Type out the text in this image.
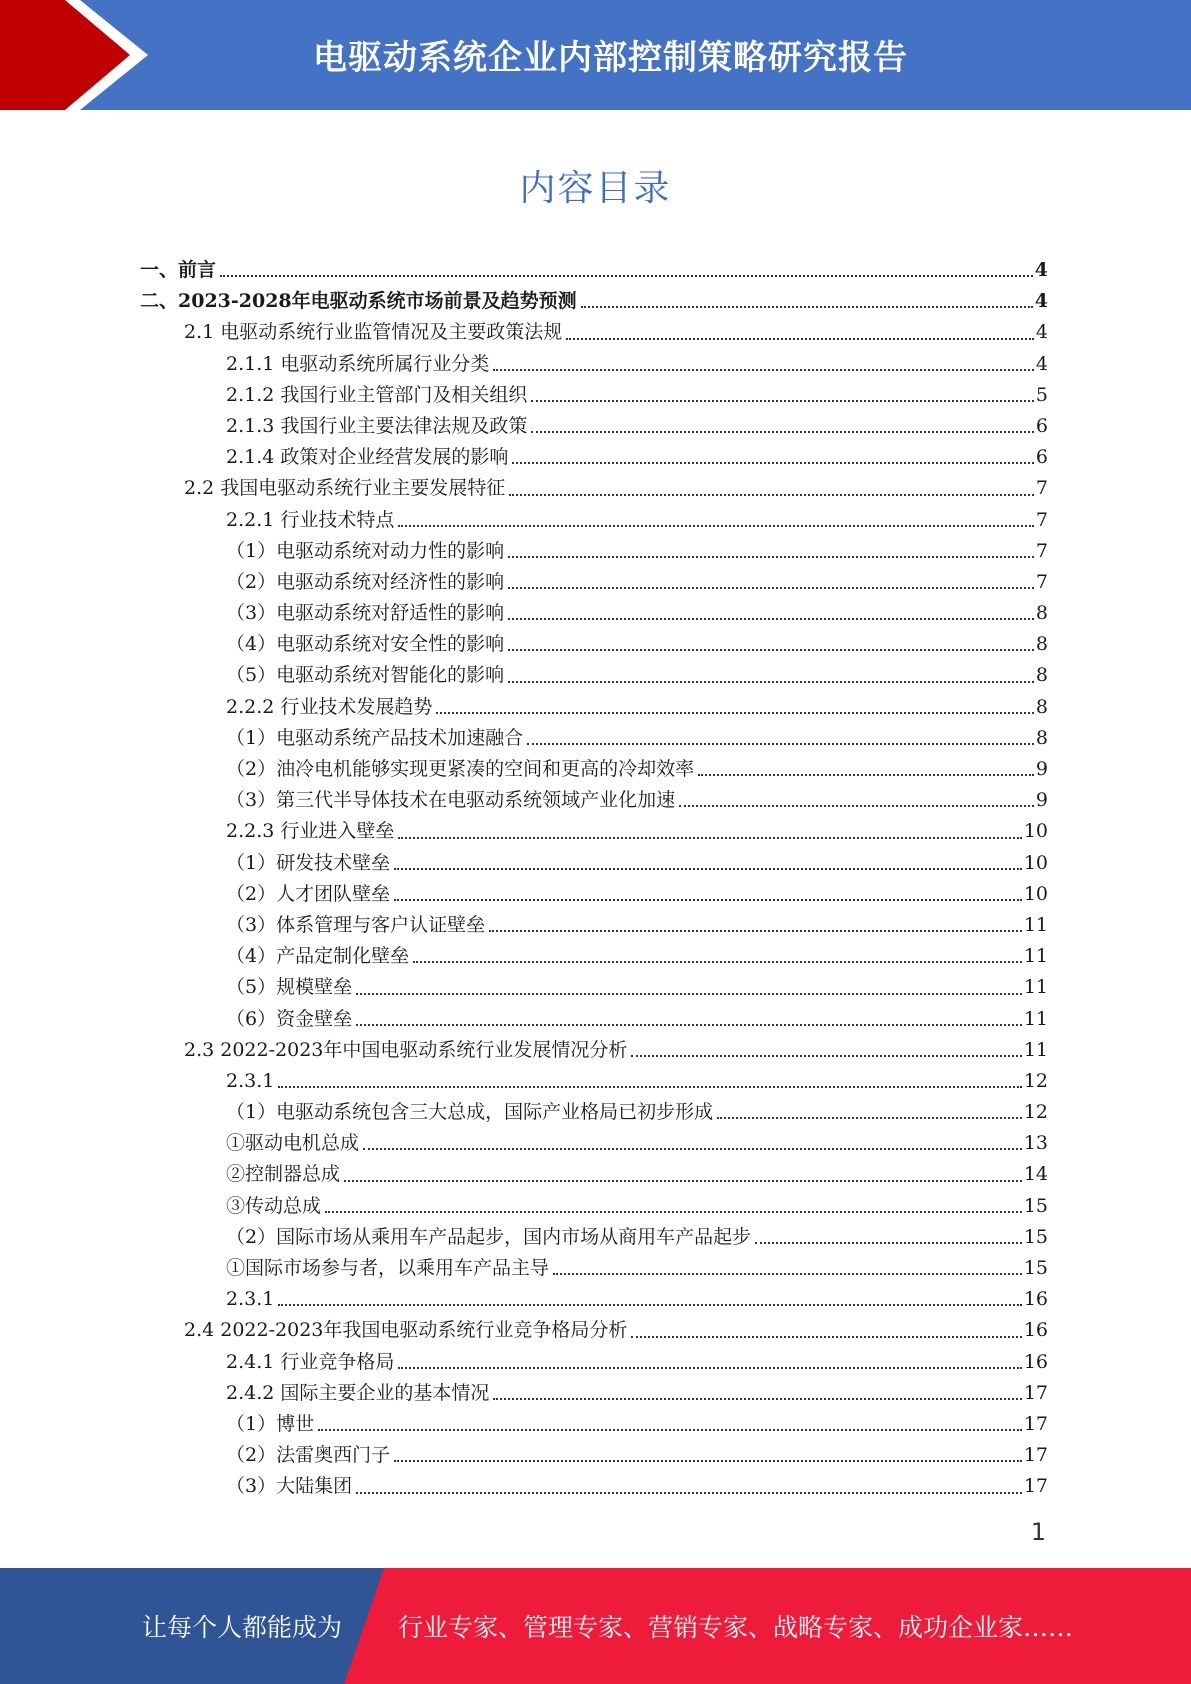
电驱动系统企业内部控制策略研究报告
内容目录
一、前言	4
二、2023-2028年电驱动系统市场前景及趋势预测	4
2.1 电驱动系统行业监管情况及主要政策法规	4
2.1.1 电驱动系统所属行业分类	4
2.1.2 我国行业主管部门及相关组织	5
2.1.3 我国行业主要法律法规及政策	6
2.1.4 政策对企业经营发展的影响	6
2.2 我国电驱动系统行业主要发展特征	7
2.2.1 行业技术特点	7
（1）电驱动系统对动力性的影响	7
（2）电驱动系统对经济性的影响	7
（3）电驱动系统对舒适性的影响	8
（4）电驱动系统对安全性的影响	8
（5）电驱动系统对智能化的影响	8
2.2.2 行业技术发展趋势	8
（1）电驱动系统产品技术加速融合	8
（2）油冷电机能够实现更紧凑的空间和更高的冷却效率	9
（3）第三代半导体技术在电驱动系统领域产业化加速	9
2.2.3 行业进入壁垒	10
（1）研发技术壁垒	10
（2）人才团队壁垒	10
（3）体系管理与客户认证壁垒	11
（4）产品定制化壁垒	11
（5）规模壁垒	11
（6）资金壁垒	11
2.3 2022-2023年中国电驱动系统行业发展情况分析	11
2.3.1	12
（1）电驱动系统包含三大总成，国际产业格局已初步形成	12
①驱动电机总成	13
②控制器总成	14
③传动总成	15
（2）国际市场从乘用车产品起步，国内市场从商用车产品起步	15
①国际市场参与者，以乘用车产品主导	15
2.3.1	16
2.4 2022-2023年我国电驱动系统行业竞争格局分析	16
2.4.1 行业竞争格局	16
2.4.2 国际主要企业的基本情况	17
（1）博世	17
（2）法雷奥西门子	17
（3）大陆集团	17
1
让每个人都能成为 行业专家、管理专家、营销专家、战略专家、成功企业家……
